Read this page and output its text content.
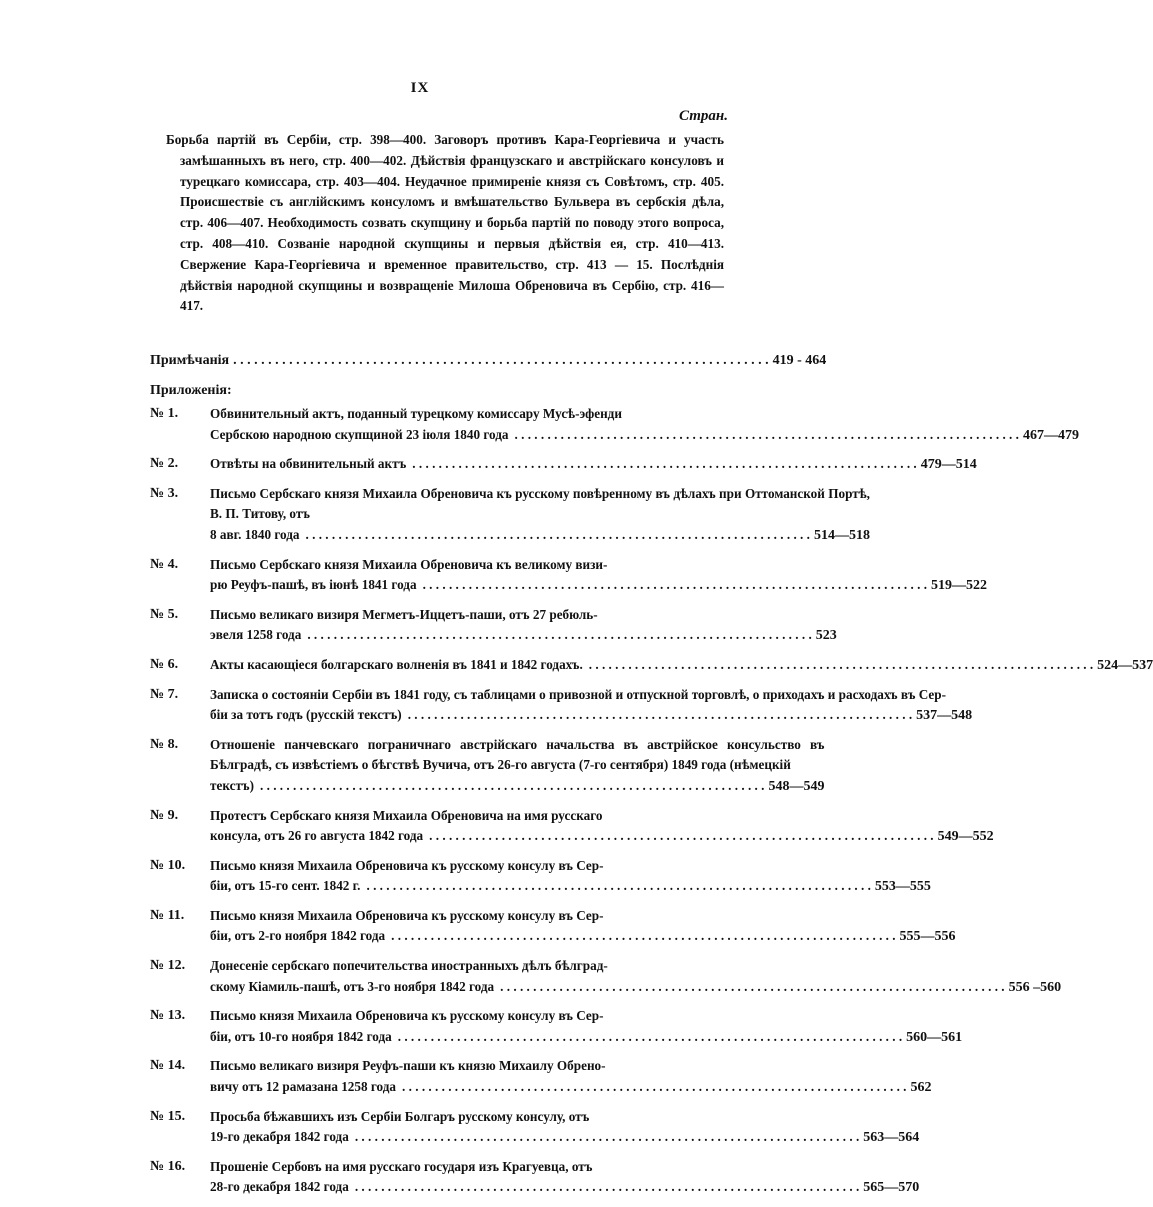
IX
Стран.
Борьба партiй въ Сербiи, стр. 398—400. Заговоръ противъ Кара-Георгiевича и участь замѣшанныхъ въ него, стр. 400—402. Дѣйствiя французскаго и австрiйскаго консуловъ и турецкаго комиссара, стр. 403—404. Неудачное примиренiе князя съ Совѣтомъ, стр. 405. Происшествiе съ англiйскимъ консуломъ и вмѣшательство Бульвера въ сербскiя дѣла, стр. 406—407. Необходимость созвать скупщину и борьба партiй по поводу этого вопроса, стр. 408—410. Созванiе народной скупщины и первыя дѣйствiя ея, стр. 410—413. Свержение Кара-Георгiевича и временное правительство, стр. 413 — 15. Послѣднiя дѣйствiя народной скупщины и возвращенiе Милоша Обреновича въ Сербiю, стр. 416—417.
Примѣчанiя . . .	419 - 464
Приложенiя:
№ 1.	Обвинительный актъ, поданный турецкому комиссару Мусѣ-эфенди
Сербскою народною скупщиной 23 iюля 1840 года . . .	467—479
№ 2.	Отвѣты на обвинительный актъ . . .	479—514
№ 3.	Письмо Сербскаго князя Михаила Обреновича къ русскому повѣренному въ дѣлахъ при Оттоманской Портѣ, В. П. Титову, отъ
8 авг. 1840 года . . .	514—518
№ 4.	Письмо Сербскаго князя Михаила Обреновича къ великому визи-
рю Реуфъ-пашѣ, въ iюнѣ 1841 года . . .	519—522
№ 5.	Письмо великаго визиря Мегметъ-Иццетъ-паши, отъ 27 ребюль-
эвеля 1258 года . . .	523
№ 6.	Акты касающiеся болгарскаго волненiя въ 1841 и 1842 годахъ. . . .	524—537
№ 7.	Записка о состоянiи Сербiи въ 1841 году, съ таблицами о привозной и отпускной торговлѣ, о приходахъ и расходахъ въ Сер-
бiи за тотъ годъ (русскiй текстъ) . . .	537—548
№ 8.	Отношенiе панчевскаго пограничнаго австрiйскаго начальства въ австрiйское консульство въ Бѣлградѣ, съ извѣстiемъ о бѣгствѣ Вучича, отъ 26-го августа (7-го сентября) 1849 года (нѣмецкiй
текстъ) . . .	548—549
№ 9.	Протестъ Сербскаго князя Михаила Обреновича на имя русскаго
консула, отъ 26 го августа 1842 года . . .	549—552
№ 10.	Письмо князя Михаила Обреновича къ русскому консулу въ Сер-
бiи, отъ 15-го сент. 1842 г. . . .	553—555
№ 11.	Письмо князя Михаила Обреновича къ русскому консулу въ Сер-
бiи, отъ 2-го ноября 1842 года . . .	555—556
№ 12.	Донесенiе сербскаго попечительства иностранныхъ дѣлъ бѣлград-
скому Кiамиль-пашѣ, отъ 3-го ноября 1842 года . . .	556 –560
№ 13.	Письмо князя Михаила Обреновича къ русскому консулу въ Сер-
бiи, отъ 10-го ноября 1842 года . . .	560—561
№ 14.	Письмо великаго визиря Реуфъ-паши къ князю Михаилу Обрено-
вичу отъ 12 рамазана 1258 года . . .	562
№ 15.	Просьба бѣжавшихъ изъ Сербiи Болгаръ русскому консулу, отъ
19-го декабря 1842 года . . .	563—564
№ 16.	Прошенiе Сербовъ на имя русскаго государя изъ Крагуевца, отъ
28-го декабря 1842 года . . .	565—570
